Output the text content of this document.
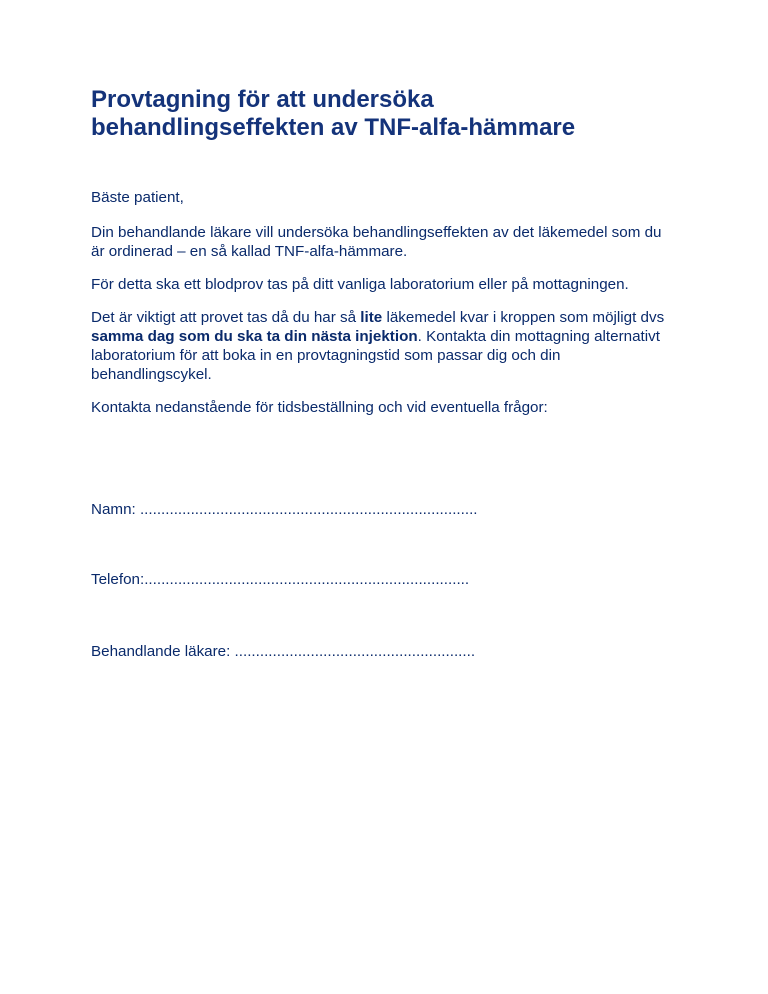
Provtagning för att undersöka
behandlingseffekten av TNF-alfa-hämmare

Bäste patient,

Din behandlande läkare vill undersöka behandlingseffekten av det läkemedel som du är ordinerad – en så kallad TNF-alfa-hämmare.

För detta ska ett blodprov tas på ditt vanliga laboratorium eller på mottagningen.

Det är viktigt att provet tas då du har så lite läkemedel kvar i kroppen som möjligt dvs samma dag som du ska ta din nästa injektion. Kontakta din mottagning alternativt laboratorium för att boka in en provtagningstid som passar dig och din behandlingscykel.

Kontakta nedanstående för tidsbeställning och vid eventuella frågor:

Namn: ................................................................................
Telefon:.............................................................................
Behandlande läkare: .........................................................
